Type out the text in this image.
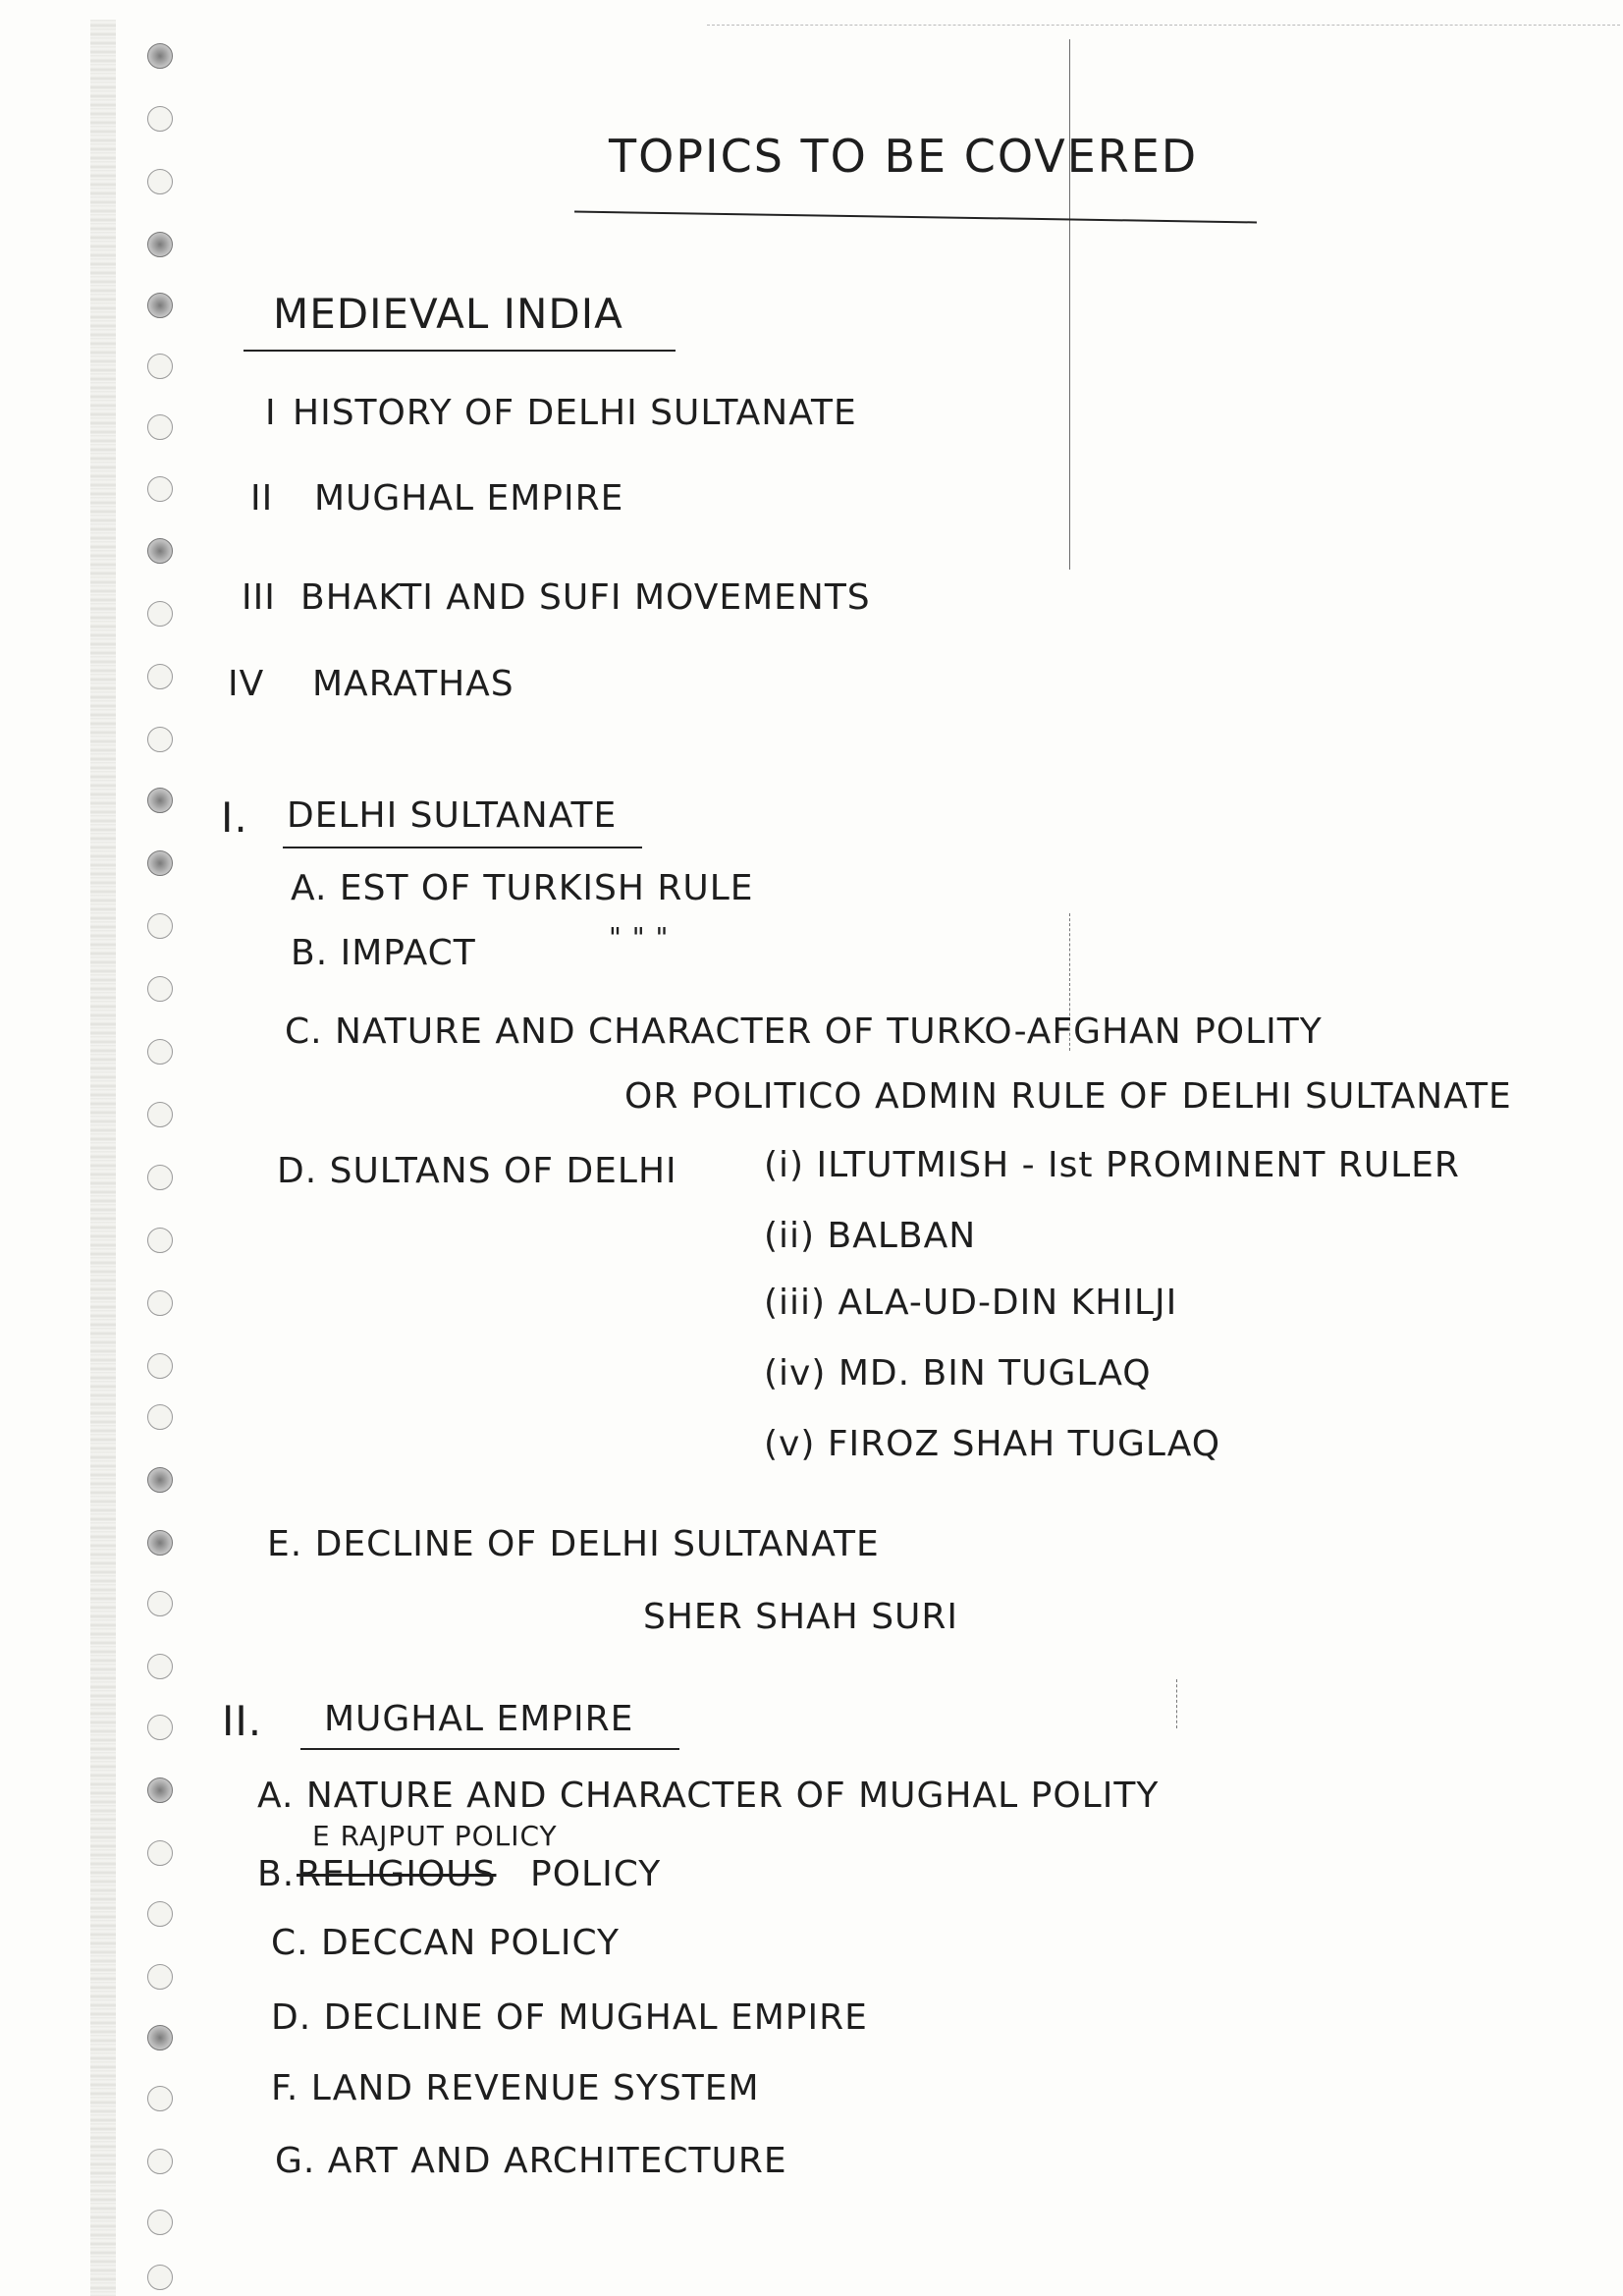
TOPICS TO BE COVERED
MEDIEVAL INDIA
I HISTORY OF DELHI SULTANATE
II MUGHAL EMPIRE
III BHAKTI AND SUFI MOVEMENTS
IV MARATHAS
I. DELHI SULTANATE
A. EST OF TURKISH RULE
B. IMPACT	" " "
C. NATURE AND CHARACTER OF TURKO-AFGHAN POLITY
OR POLITICO ADMIN RULE OF DELHI SULTANATE
D. SULTANS OF DELHI (i) ILTUTMISH - Ist PROMINENT RULER
(ii) BALBAN
(iii) ALA-UD-DIN KHILJI
(iv) MD. BIN TUGLAQ
(v) FIROZ SHAH TUGLAQ
E. DECLINE OF DELHI SULTANATE
SHER SHAH SURI
II. MUGHAL EMPIRE
A. NATURE AND CHARACTER OF MUGHAL POLITY
E RAJPUT POLICY
B. RELIGIOUS POLICY
C. DECCAN POLICY
D. DECLINE OF MUGHAL EMPIRE
F. LAND REVENUE SYSTEM
G. ART AND ARCHITECTURE
